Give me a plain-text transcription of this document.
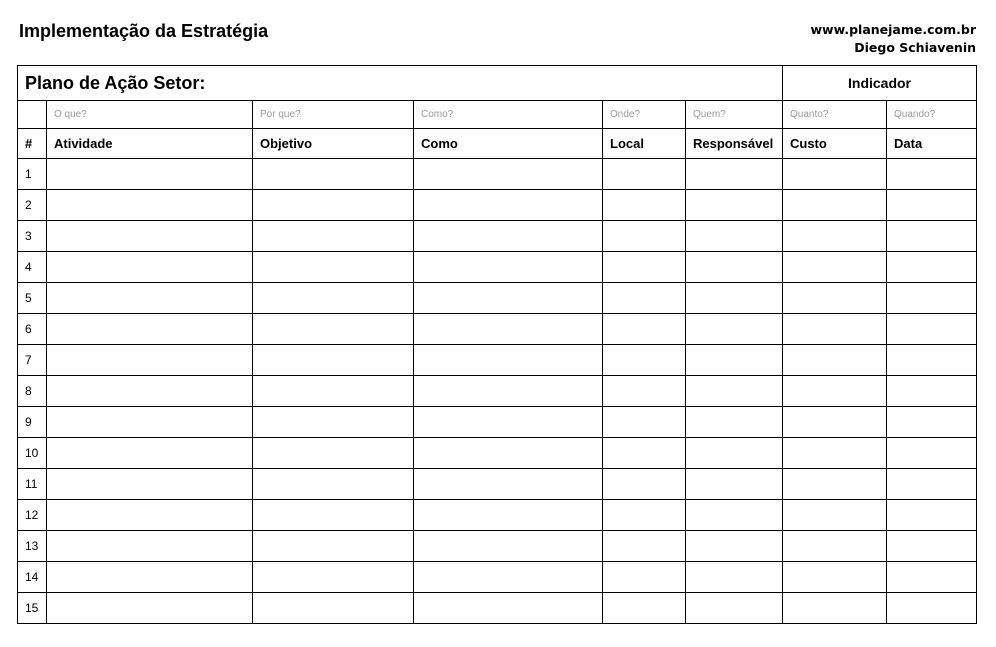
Implementação da Estratégia	www.planejame.com.br
Diego Schiavenin
Plano de Ação Setor:						Indicador	
	O que?	Por que?	Como?	Onde?	Quem?	Quanto?	Quando?
#	Atividade	Objetivo	Como	Local	Responsável	Custo	Data
1							
2							
3							
4							
5							
6							
7							
8							
9							
10							
11							
12							
13							
14							
15							
